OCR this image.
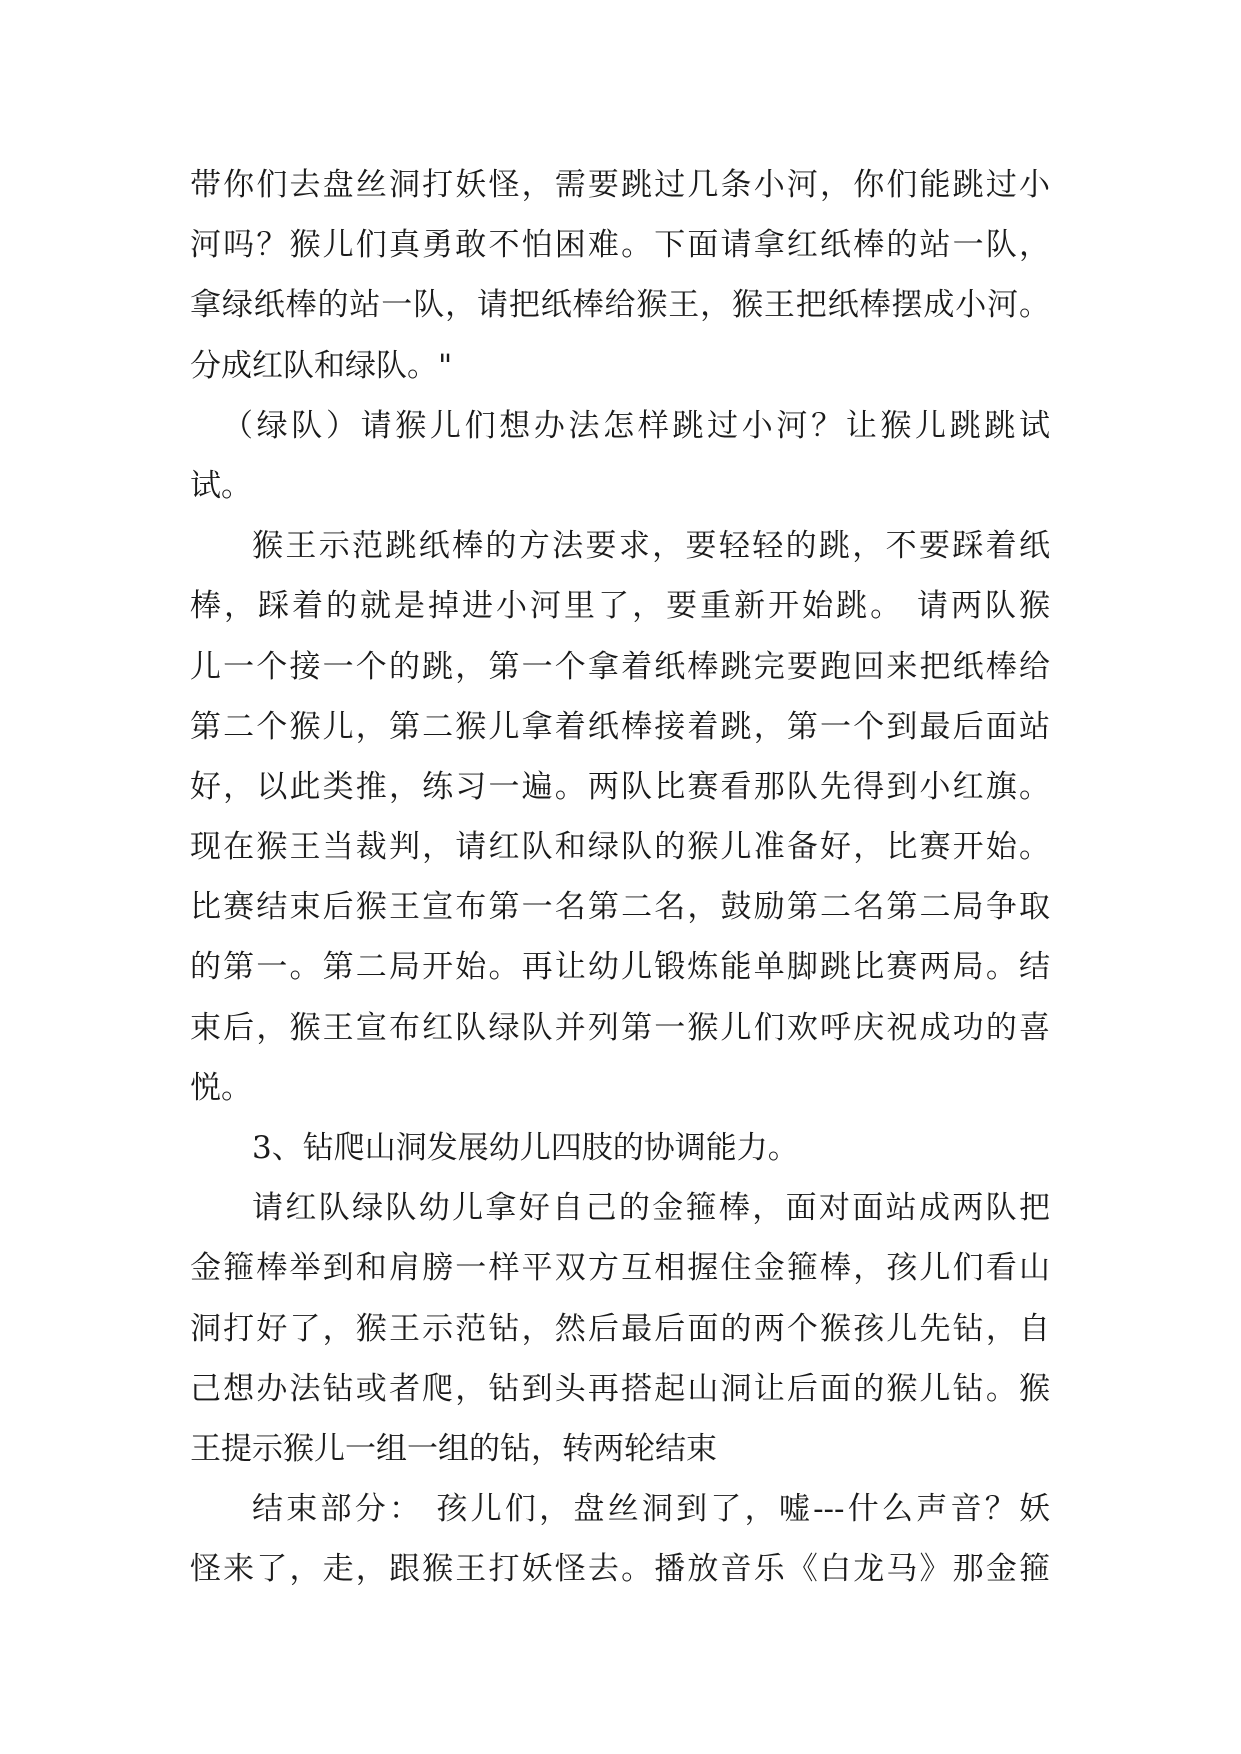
带你们去盘丝洞打妖怪，需要跳过几条小河，你们能跳过小
河吗？猴儿们真勇敢不怕困难。下面请拿红纸棒的站一队，
拿绿纸棒的站一队，请把纸棒给猴王，猴王把纸棒摆成小河。
分成红队和绿队。"
（绿队）请猴儿们想办法怎样跳过小河？让猴儿跳跳试
试。
猴王示范跳纸棒的方法要求，要轻轻的跳，不要踩着纸
棒，踩着的就是掉进小河里了，要重新开始跳。 请两队猴
儿一个接一个的跳，第一个拿着纸棒跳完要跑回来把纸棒给
第二个猴儿，第二猴儿拿着纸棒接着跳，第一个到最后面站
好，以此类推，练习一遍。两队比赛看那队先得到小红旗。
现在猴王当裁判，请红队和绿队的猴儿准备好，比赛开始。
比赛结束后猴王宣布第一名第二名，鼓励第二名第二局争取
的第一。第二局开始。再让幼儿锻炼能单脚跳比赛两局。结
束后，猴王宣布红队绿队并列第一猴儿们欢呼庆祝成功的喜
悦。
3、钻爬山洞发展幼儿四肢的协调能力。
请红队绿队幼儿拿好自己的金箍棒，面对面站成两队把
金箍棒举到和肩膀一样平双方互相握住金箍棒，孩儿们看山
洞打好了，猴王示范钻，然后最后面的两个猴孩儿先钻，自
己想办法钻或者爬，钻到头再搭起山洞让后面的猴儿钻。猴
王提示猴儿一组一组的钻，转两轮结束
结束部分： 孩儿们，盘丝洞到了，嘘---什么声音？妖
怪来了，走，跟猴王打妖怪去。播放音乐《白龙马》那金箍
